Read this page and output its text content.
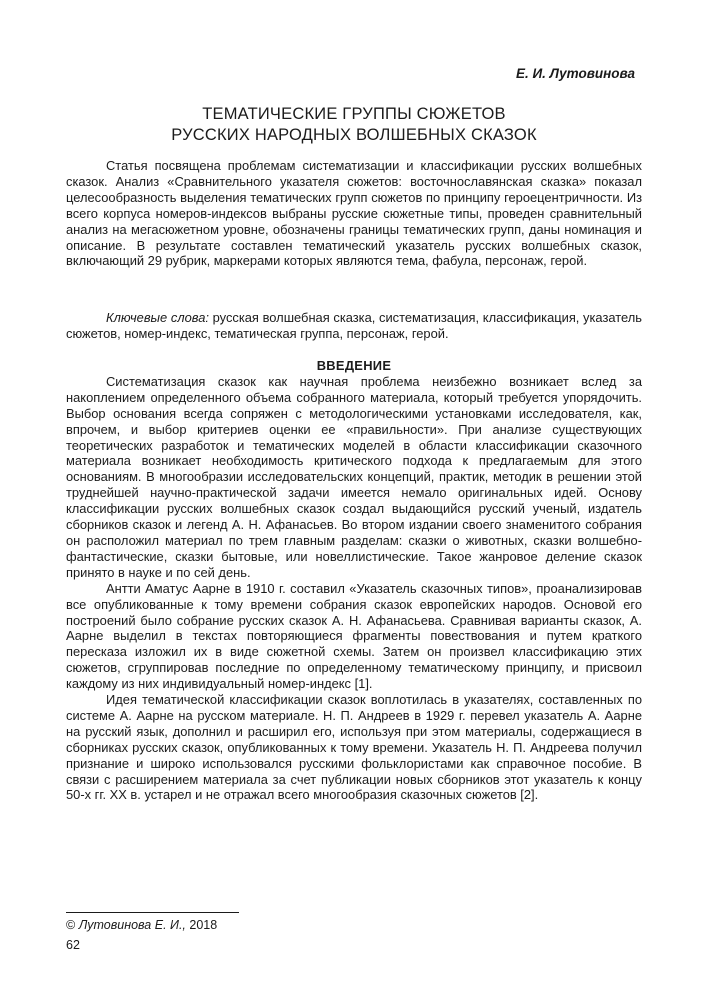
Е. И. Лутовинова
ТЕМАТИЧЕСКИЕ ГРУППЫ СЮЖЕТОВ
РУССКИХ НАРОДНЫХ ВОЛШЕБНЫХ СКАЗОК

Статья посвящена проблемам систематизации и классификации русских волшебных сказок. Анализ «Сравнительного указателя сюжетов: восточнославянская сказка» показал целесообразность выделения тематических групп сюжетов по принципу героецентричности. Из всего корпуса номеров-индексов выбраны русские сюжетные типы, проведен сравнительный анализ на мегасюжетном уровне, обозначены границы тематических групп, даны номинация и описание. В результате составлен тематический указатель русских волшебных сказок, включающий 29 рубрик, маркерами которых являются тема, фабула, персонаж, герой.

Ключевые слова: русская волшебная сказка, систематизация, классификация, указатель сюжетов, номер-индекс, тематическая группа, персонаж, герой.

ВВЕДЕНИЕ

Систематизация сказок как научная проблема неизбежно возникает вслед за накоплением определенного объема собранного материала, который требуется упорядочить. Выбор основания всегда сопряжен с методологическими установками исследователя, как, впрочем, и выбор критериев оценки ее «правильности». При анализе существующих теоретических разработок и тематических моделей в области классификации сказочного материала возникает необходимость критического подхода к предлагаемым для этого основаниям. В многообразии исследовательских концепций, практик, методик в решении этой труднейшей научно-практической задачи имеется немало оригинальных идей. Основу классификации русских волшебных сказок создал выдающийся русский ученый, издатель сборников сказок и легенд А. Н. Афанасьев. Во втором издании своего знаменитого собрания он расположил материал по трем главным разделам: сказки о животных, сказки волшебно-фантастические, сказки бытовые, или новеллистические. Такое жанровое деление сказок принято в науке и по сей день.

Антти Аматус Аарне в 1910 г. составил «Указатель сказочных типов», проанализировав все опубликованные к тому времени собрания сказок европейских народов. Основой его построений было собрание русских сказок А. Н. Афанасьева. Сравнивая варианты сказок, А. Аарне выделил в текстах повторяющиеся фрагменты повествования и путем краткого пересказа изложил их в виде сюжетной схемы. Затем он произвел классификацию этих сюжетов, сгруппировав последние по определенному тематическому принципу, и присвоил каждому из них индивидуальный номер-индекс [1].

Идея тематической классификации сказок воплотилась в указателях, составленных по системе А. Аарне на русском материале. Н. П. Андреев в 1929 г. перевел указатель А. Аарне на русский язык, дополнил и расширил его, используя при этом материалы, содержащиеся в сборниках русских сказок, опубликованных к тому времени. Указатель Н. П. Андреева получил признание и широко использовался русскими фольклористами как справочное пособие. В связи с расширением материала за счет публикации новых сборников этот указатель к концу 50-х гг. XX в. устарел и не отражал всего многообразия сказочных сюжетов [2].

© Лутовинова Е. И., 2018
62
